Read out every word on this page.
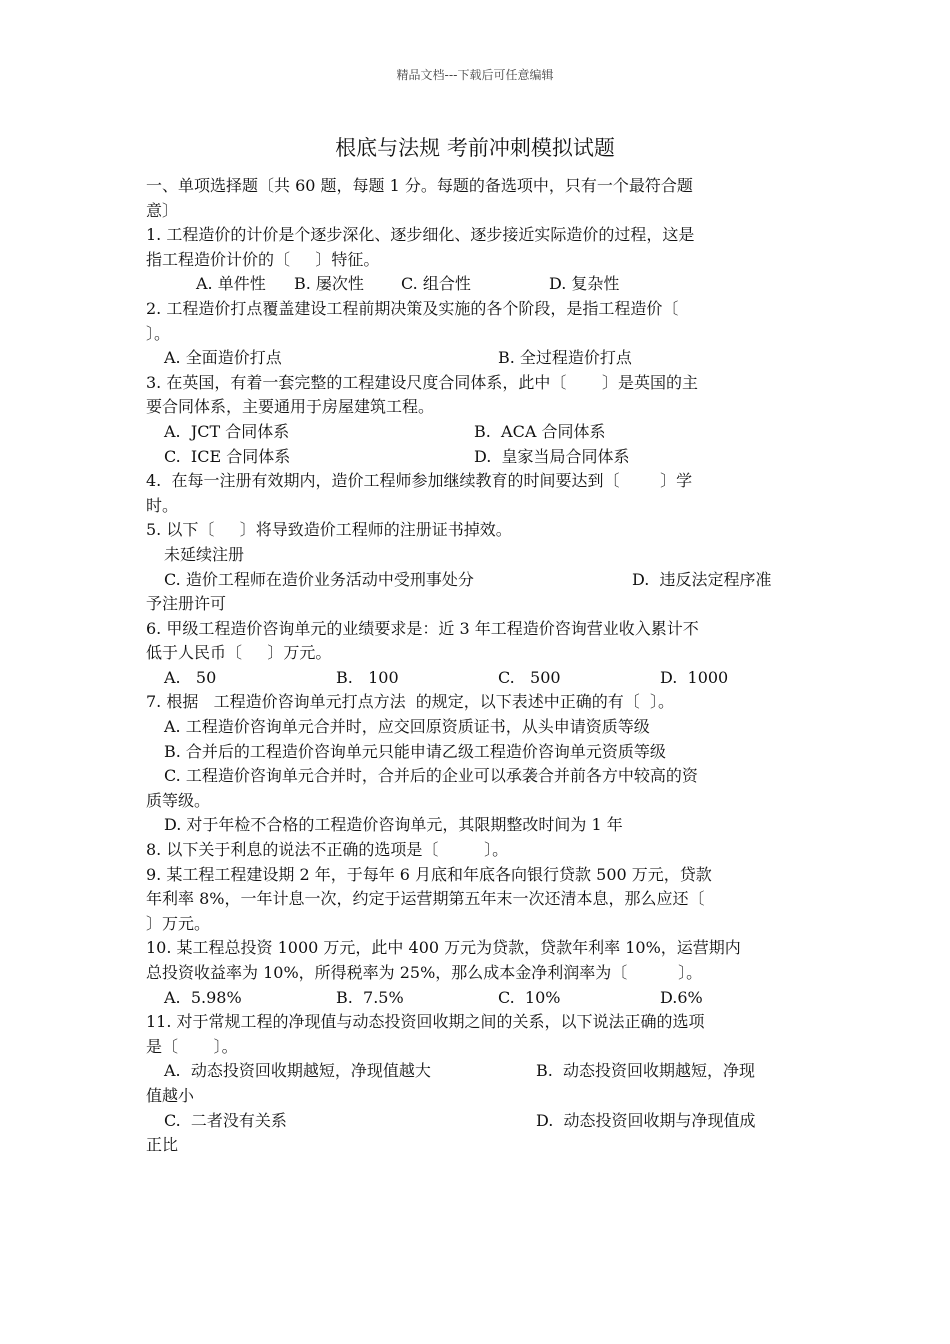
精品文档---下载后可任意编辑
根底与法规 考前冲刺模拟试题
一、单项选择题〔共 60 题，每题 1 分。每题的备选项中，只有一个最符合题
意〕
1. 工程造价的计价是个逐步深化、逐步细化、逐步接近实际造价的过程，这是
指工程造价计价的〔     〕特征。

A. 单件性

B. 屡次性

C. 组合性

	D. 复杂性

2. 工程造价打点覆盖建设工程前期决策及实施的各个阶段，是指工程造价〔
〕。

A. 全面造价打点

	B. 全过程造价打点

3. 在英国，有着一套完整的工程建设尺度合同体系，此中〔       〕是英国的主
要合同体系，主要通用于房屋建筑工程。

A.  JCT 合同体系

	B.  ACA 合同体系

C.  ICE 合同体系

	D.  皇家当局合同体系

4.  在每一注册有效期内，造价工程师参加继续教育的时间要达到〔        〕学
时。
5. 以下〔     〕将导致造价工程师的注册证书掉效。
未延续注册

C. 造价工程师在造价业务活动中受刑事处分

	D.  违反法定程序准

予注册许可
6. 甲级工程造价咨询单元的业绩要求是：近 3 年工程造价咨询营业收入累计不
低于人民币〔     〕万元。

A.   50

	B.   100

	C.   500

	D.  1000

7. 根据   工程造价咨询单元打点方法  的规定，以下表述中正确的有〔  〕。
A. 工程造价咨询单元合并时，应交回原资质证书，从头申请资质等级
B. 合并后的工程造价咨询单元只能申请乙级工程造价咨询单元资质等级
C. 工程造价咨询单元合并时，合并后的企业可以承袭合并前各方中较高的资
质等级。
D. 对于年检不合格的工程造价咨询单元，其限期整改时间为 1 年
8. 以下关于利息的说法不正确的选项是〔         〕。
9. 某工程工程建设期 2 年，于每年 6 月底和年底各向银行贷款 500 万元，贷款
年利率 8%，一年计息一次，约定于运营期第五年末一次还清本息，那么应还〔
〕万元。
10. 某工程总投资 1000 万元，此中 400 万元为贷款，贷款年利率 10%，运营期内
总投资收益率为 10%，所得税率为 25%，那么成本金净利润率为〔          〕。

A.  5.98%

	B.  7.5%

	C.  10%

	D.6%

11. 对于常规工程的净现值与动态投资回收期之间的关系，以下说法正确的选项
是〔       〕。

A.  动态投资回收期越短，净现值越大

	B.  动态投资回收期越短，净现

值越小

C.  二者没有关系

	D.  动态投资回收期与净现值成

正比
